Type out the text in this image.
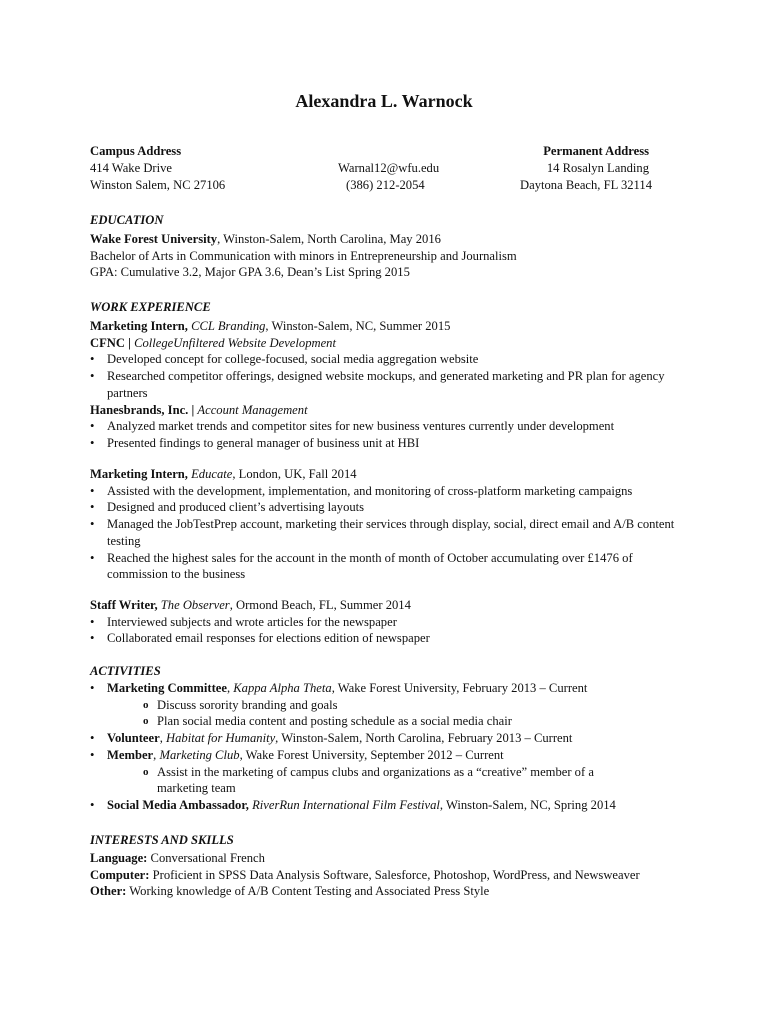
Alexandra L. Warnock
Campus Address
414 Wake Drive
Winston Salem, NC 27106
Warnal12@wfu.edu
(386) 212-2054
Permanent Address
14 Rosalyn Landing
Daytona Beach, FL 32114
EDUCATION
Wake Forest University, Winston-Salem, North Carolina, May 2016
Bachelor of Arts in Communication with minors in Entrepreneurship and Journalism
GPA: Cumulative 3.2, Major GPA 3.6, Dean’s List Spring 2015
WORK EXPERIENCE
Marketing Intern, CCL Branding, Winston-Salem, NC, Summer 2015
CFNC | CollegeUnfiltered Website Development
• Developed concept for college-focused, social media aggregation website
• Researched competitor offerings, designed website mockups, and generated marketing and PR plan for agency partners
Hanesbrands, Inc. | Account Management
• Analyzed market trends and competitor sites for new business ventures currently under development
• Presented findings to general manager of business unit at HBI
Marketing Intern, Educate, London, UK, Fall 2014
• Assisted with the development, implementation, and monitoring of cross-platform marketing campaigns
• Designed and produced client’s advertising layouts
• Managed the JobTestPrep account, marketing their services through display, social, direct email and A/B content testing
• Reached the highest sales for the account in the month of month of October accumulating over £1476 of commission to the business
Staff Writer, The Observer, Ormond Beach, FL, Summer 2014
• Interviewed subjects and wrote articles for the newspaper
• Collaborated email responses for elections edition of newspaper
ACTIVITIES
• Marketing Committee, Kappa Alpha Theta, Wake Forest University, February 2013 – Current
o Discuss sorority branding and goals
o Plan social media content and posting schedule as a social media chair
• Volunteer, Habitat for Humanity, Winston-Salem, North Carolina, February 2013 – Current
• Member, Marketing Club, Wake Forest University, September 2012 – Current
o Assist in the marketing of campus clubs and organizations as a “creative” member of a marketing team
• Social Media Ambassador, RiverRun International Film Festival, Winston-Salem, NC, Spring 2014
INTERESTS AND SKILLS
Language: Conversational French
Computer: Proficient in SPSS Data Analysis Software, Salesforce, Photoshop, WordPress, and Newsweaver
Other: Working knowledge of A/B Content Testing and Associated Press Style
